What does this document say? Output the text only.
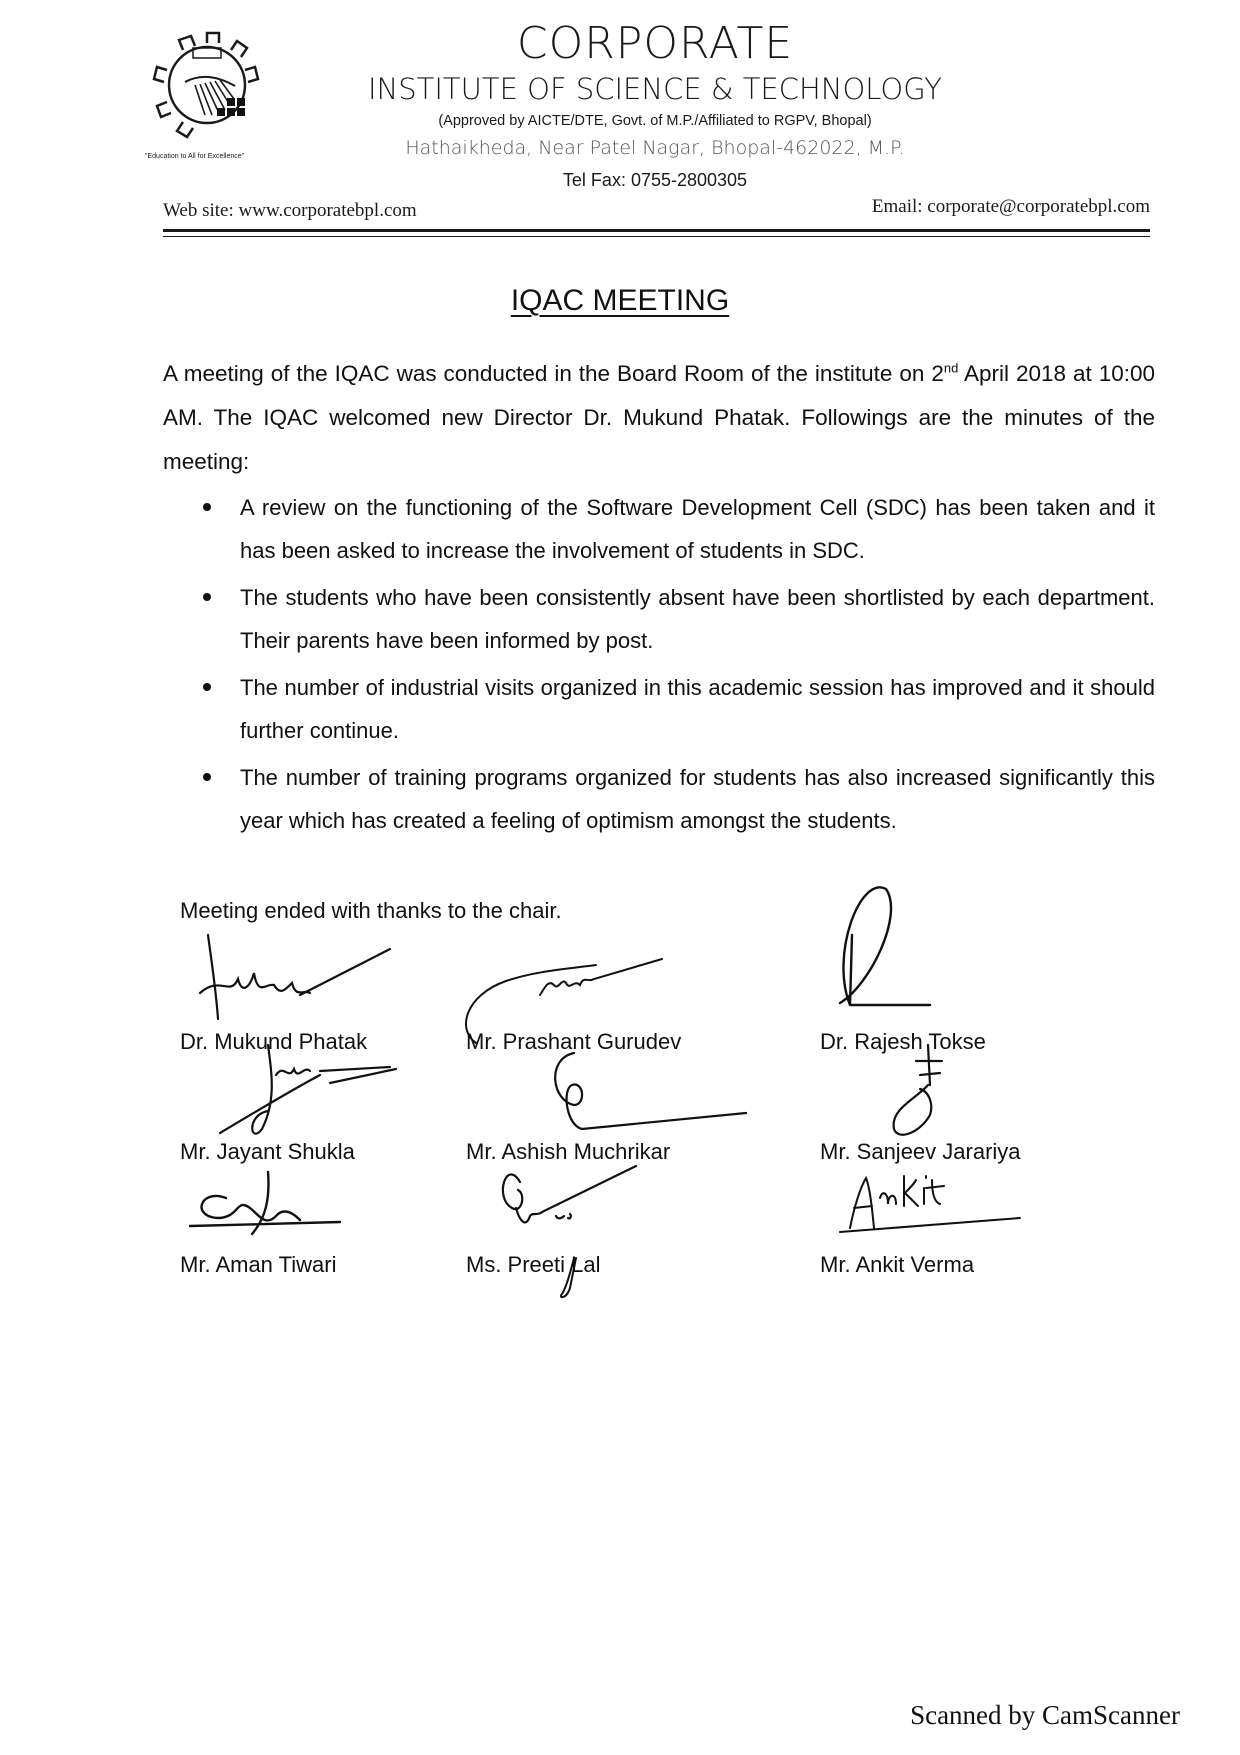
"Education to All for Excellence"
CORPORATE
INSTITUTE OF SCIENCE & TECHNOLOGY
(Approved by AICTE/DTE, Govt. of M.P./Affiliated to RGPV, Bhopal)
Hathaikheda, Near Patel Nagar, Bhopal-462022, M.P.
Tel Fax: 0755-2800305
Web site: www.corporatebpl.com	Email: corporate@corporatebpl.com
IQAC MEETING

A meeting of the IQAC was conducted in the Board Room of the institute on 2nd April 2018 at 10:00 AM. The IQAC welcomed new Director Dr. Mukund Phatak. Followings are the minutes of the meeting:

A review on the functioning of the Software Development Cell (SDC) has been taken and it has been asked to increase the involvement of students in SDC.
The students who have been consistently absent have been shortlisted by each department. Their parents have been informed by post.
The number of industrial visits organized in this academic session has improved and it should further continue.
The number of training programs organized for students has also increased significantly this year which has created a feeling of optimism amongst the students.
Meeting ended with thanks to the chair.
Dr. Mukund Phatak	Mr. Prashant Gurudev	Dr. Rajesh Tokse
Mr. Jayant Shukla	Mr. Ashish Muchrikar	Mr. Sanjeev Jarariya
Mr. Aman Tiwari	Ms. Preeti Lal	Mr. Ankit Verma
Scanned by CamScanner
